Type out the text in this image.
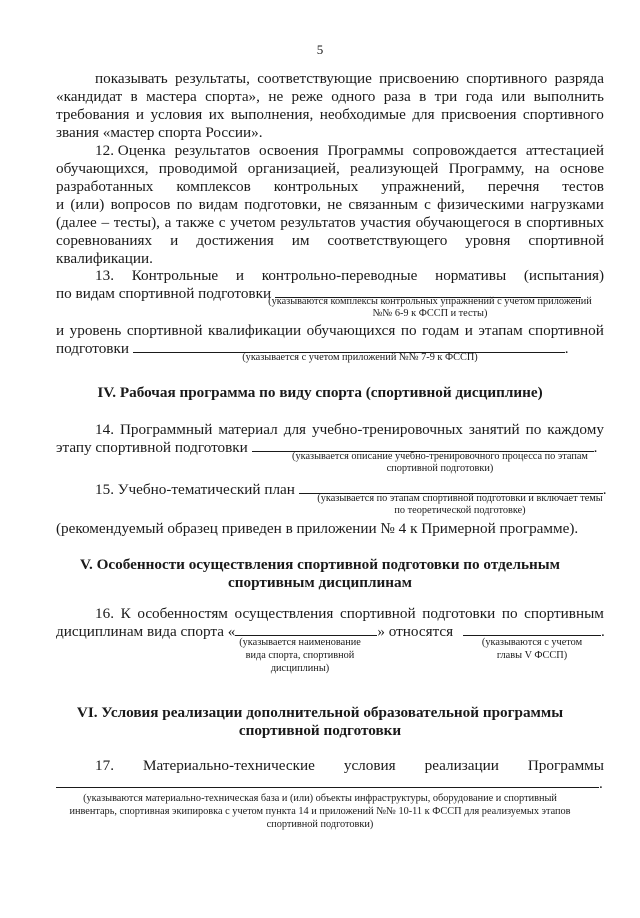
5
показывать результаты, соответствующие присвоению спортивного разряда
«кандидат в мастера спорта», не реже одного раза в три года или выполнить
требования и условия их выполнения, необходимые для присвоения спортивного
звания «мастер спорта России».
12. Оценка результатов освоения Программы сопровождается аттестацией
обучающихся, проводимой организацией, реализующей Программу, на основе
разработанных комплексов контрольных упражнений, перечня тестов
и (или) вопросов по видам подготовки, не связанным с физическими нагрузками
(далее – тесты), а также с учетом результатов участия обучающегося в спортивных
соревнованиях и достижения им соответствующего уровня спортивной
квалификации.
13. Контрольные и контрольно-переводные нормативы (испытания)
по видам спортивной подготовки
(указываются комплексы контрольных упражнений с учетом приложений
№№ 6-9 к ФССП и тесты)
и уровень спортивной квалификации обучающихся по годам и этапам спортивной
подготовки	.
(указывается с учетом приложений №№ 7-9 к ФССП)
IV. Рабочая программа по виду спорта (спортивной дисциплине)
14. Программный материал для учебно-тренировочных занятий по каждому
этапу спортивной подготовки	.
(указывается описание учебно-тренировочного процесса по этапам
спортивной подготовки)
15. Учебно-тематический план	.
(указывается по этапам спортивной подготовки и включает темы
по теоретической подготовке)
(рекомендуемый образец приведен в приложении № 4 к Примерной программе).
V. Особенности осуществления спортивной подготовки по отдельным
спортивным дисциплинам
16. К особенностям осуществления спортивной подготовки по спортивным
дисциплинам вида спорта «	» относятся	.
(указывается наименование
вида спорта, спортивной
дисциплины)
(указываются с учетом
главы V ФССП)
VI. Условия реализации дополнительной образовательной программы
спортивной подготовки
17. Материально-технические условия реализации Программы
.
(указываются материально-техническая база и (или) объекты инфраструктуры, оборудование и спортивный
инвентарь, спортивная экипировка с учетом пункта 14 и приложений №№ 10-11 к ФССП для реализуемых этапов
спортивной подготовки)
